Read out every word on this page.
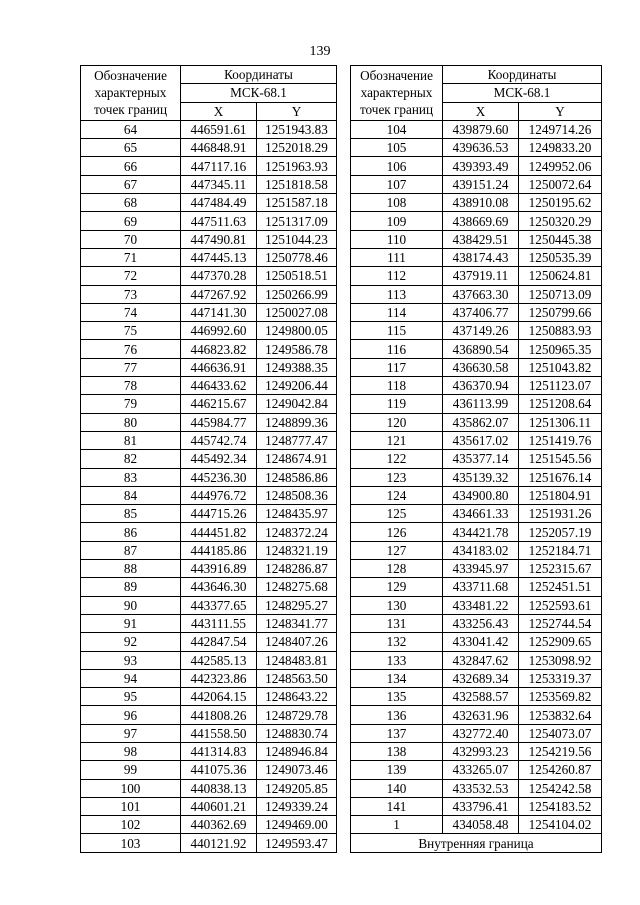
139
Обозначение
характерных
точек границ	Координаты	
	МСК-68.1	
	X	Y
64	446591.61	1251943.83
65	446848.91	1252018.29
66	447117.16	1251963.93
67	447345.11	1251818.58
68	447484.49	1251587.18
69	447511.63	1251317.09
70	447490.81	1251044.23
71	447445.13	1250778.46
72	447370.28	1250518.51
73	447267.92	1250266.99
74	447141.30	1250027.08
75	446992.60	1249800.05
76	446823.82	1249586.78
77	446636.91	1249388.35
78	446433.62	1249206.44
79	446215.67	1249042.84
80	445984.77	1248899.36
81	445742.74	1248777.47
82	445492.34	1248674.91
83	445236.30	1248586.86
84	444976.72	1248508.36
85	444715.26	1248435.97
86	444451.82	1248372.24
87	444185.86	1248321.19
88	443916.89	1248286.87
89	443646.30	1248275.68
90	443377.65	1248295.27
91	443111.55	1248341.77
92	442847.54	1248407.26
93	442585.13	1248483.81
94	442323.86	1248563.50
95	442064.15	1248643.22
96	441808.26	1248729.78
97	441558.50	1248830.74
98	441314.83	1248946.84
99	441075.36	1249073.46
100	440838.13	1249205.85
101	440601.21	1249339.24
102	440362.69	1249469.00
103	440121.92	1249593.47
Обозначение
характерных
точек границ	Координаты	
	МСК-68.1	
	X	Y
104	439879.60	1249714.26
105	439636.53	1249833.20
106	439393.49	1249952.06
107	439151.24	1250072.64
108	438910.08	1250195.62
109	438669.69	1250320.29
110	438429.51	1250445.38
111	438174.43	1250535.39
112	437919.11	1250624.81
113	437663.30	1250713.09
114	437406.77	1250799.66
115	437149.26	1250883.93
116	436890.54	1250965.35
117	436630.58	1251043.82
118	436370.94	1251123.07
119	436113.99	1251208.64
120	435862.07	1251306.11
121	435617.02	1251419.76
122	435377.14	1251545.56
123	435139.32	1251676.14
124	434900.80	1251804.91
125	434661.33	1251931.26
126	434421.78	1252057.19
127	434183.02	1252184.71
128	433945.97	1252315.67
129	433711.68	1252451.51
130	433481.22	1252593.61
131	433256.43	1252744.54
132	433041.42	1252909.65
133	432847.62	1253098.92
134	432689.34	1253319.37
135	432588.57	1253569.82
136	432631.96	1253832.64
137	432772.40	1254073.07
138	432993.23	1254219.56
139	433265.07	1254260.87
140	433532.53	1254242.58
141	433796.41	1254183.52
1	434058.48	1254104.02
Внутренняя граница		
